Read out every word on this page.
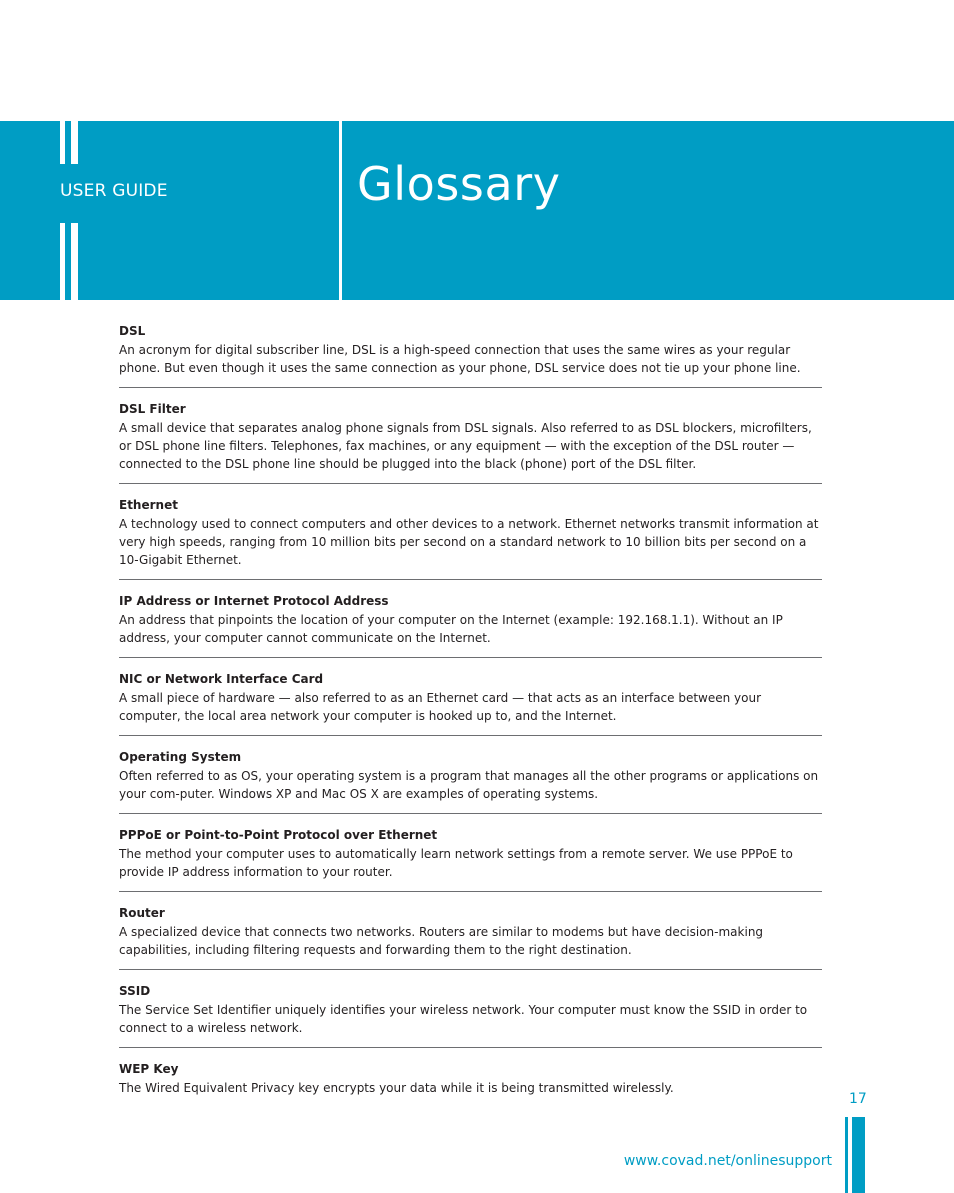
USER GUIDE	Glossary
DSL
An acronym for digital subscriber line, DSL is a high-speed connection that uses the same wires as your regular phone. But even though it uses the same connection as your phone, DSL service does not tie up your phone line.
DSL Filter
A small device that separates analog phone signals from DSL signals. Also referred to as DSL blockers, microfilters, or DSL phone line filters. Telephones, fax machines, or any equipment — with the exception of the DSL router — connected to the DSL phone line should be plugged into the black (phone) port of the DSL filter.
Ethernet
A technology used to connect computers and other devices to a network. Ethernet networks transmit information at very high speeds, ranging from 10 million bits per second on a standard network to 10 billion bits per second on a 10-Gigabit Ethernet.
IP Address or Internet Protocol Address
An address that pinpoints the location of your computer on the Internet (example: 192.168.1.1). Without an IP address, your computer cannot communicate on the Internet.
NIC or Network Interface Card
A small piece of hardware — also referred to as an Ethernet card — that acts as an interface between your computer, the local area network your computer is hooked up to, and the Internet.
Operating System
Often referred to as OS, your operating system is a program that manages all the other programs or applications on your com-puter. Windows XP and Mac OS X are examples of operating systems.
PPPoE or Point-to-Point Protocol over Ethernet
The method your computer uses to automatically learn network settings from a remote server. We use PPPoE to provide IP address information to your router.
Router
A specialized device that connects two networks. Routers are similar to modems but have decision-making capabilities, including filtering requests and forwarding them to the right destination.
SSID
The Service Set Identifier uniquely identifies your wireless network. Your computer must know the SSID in order to connect to a wireless network.
WEP Key
The Wired Equivalent Privacy key encrypts your data while it is being transmitted wirelessly.
17
www.covad.net/onlinesupport
